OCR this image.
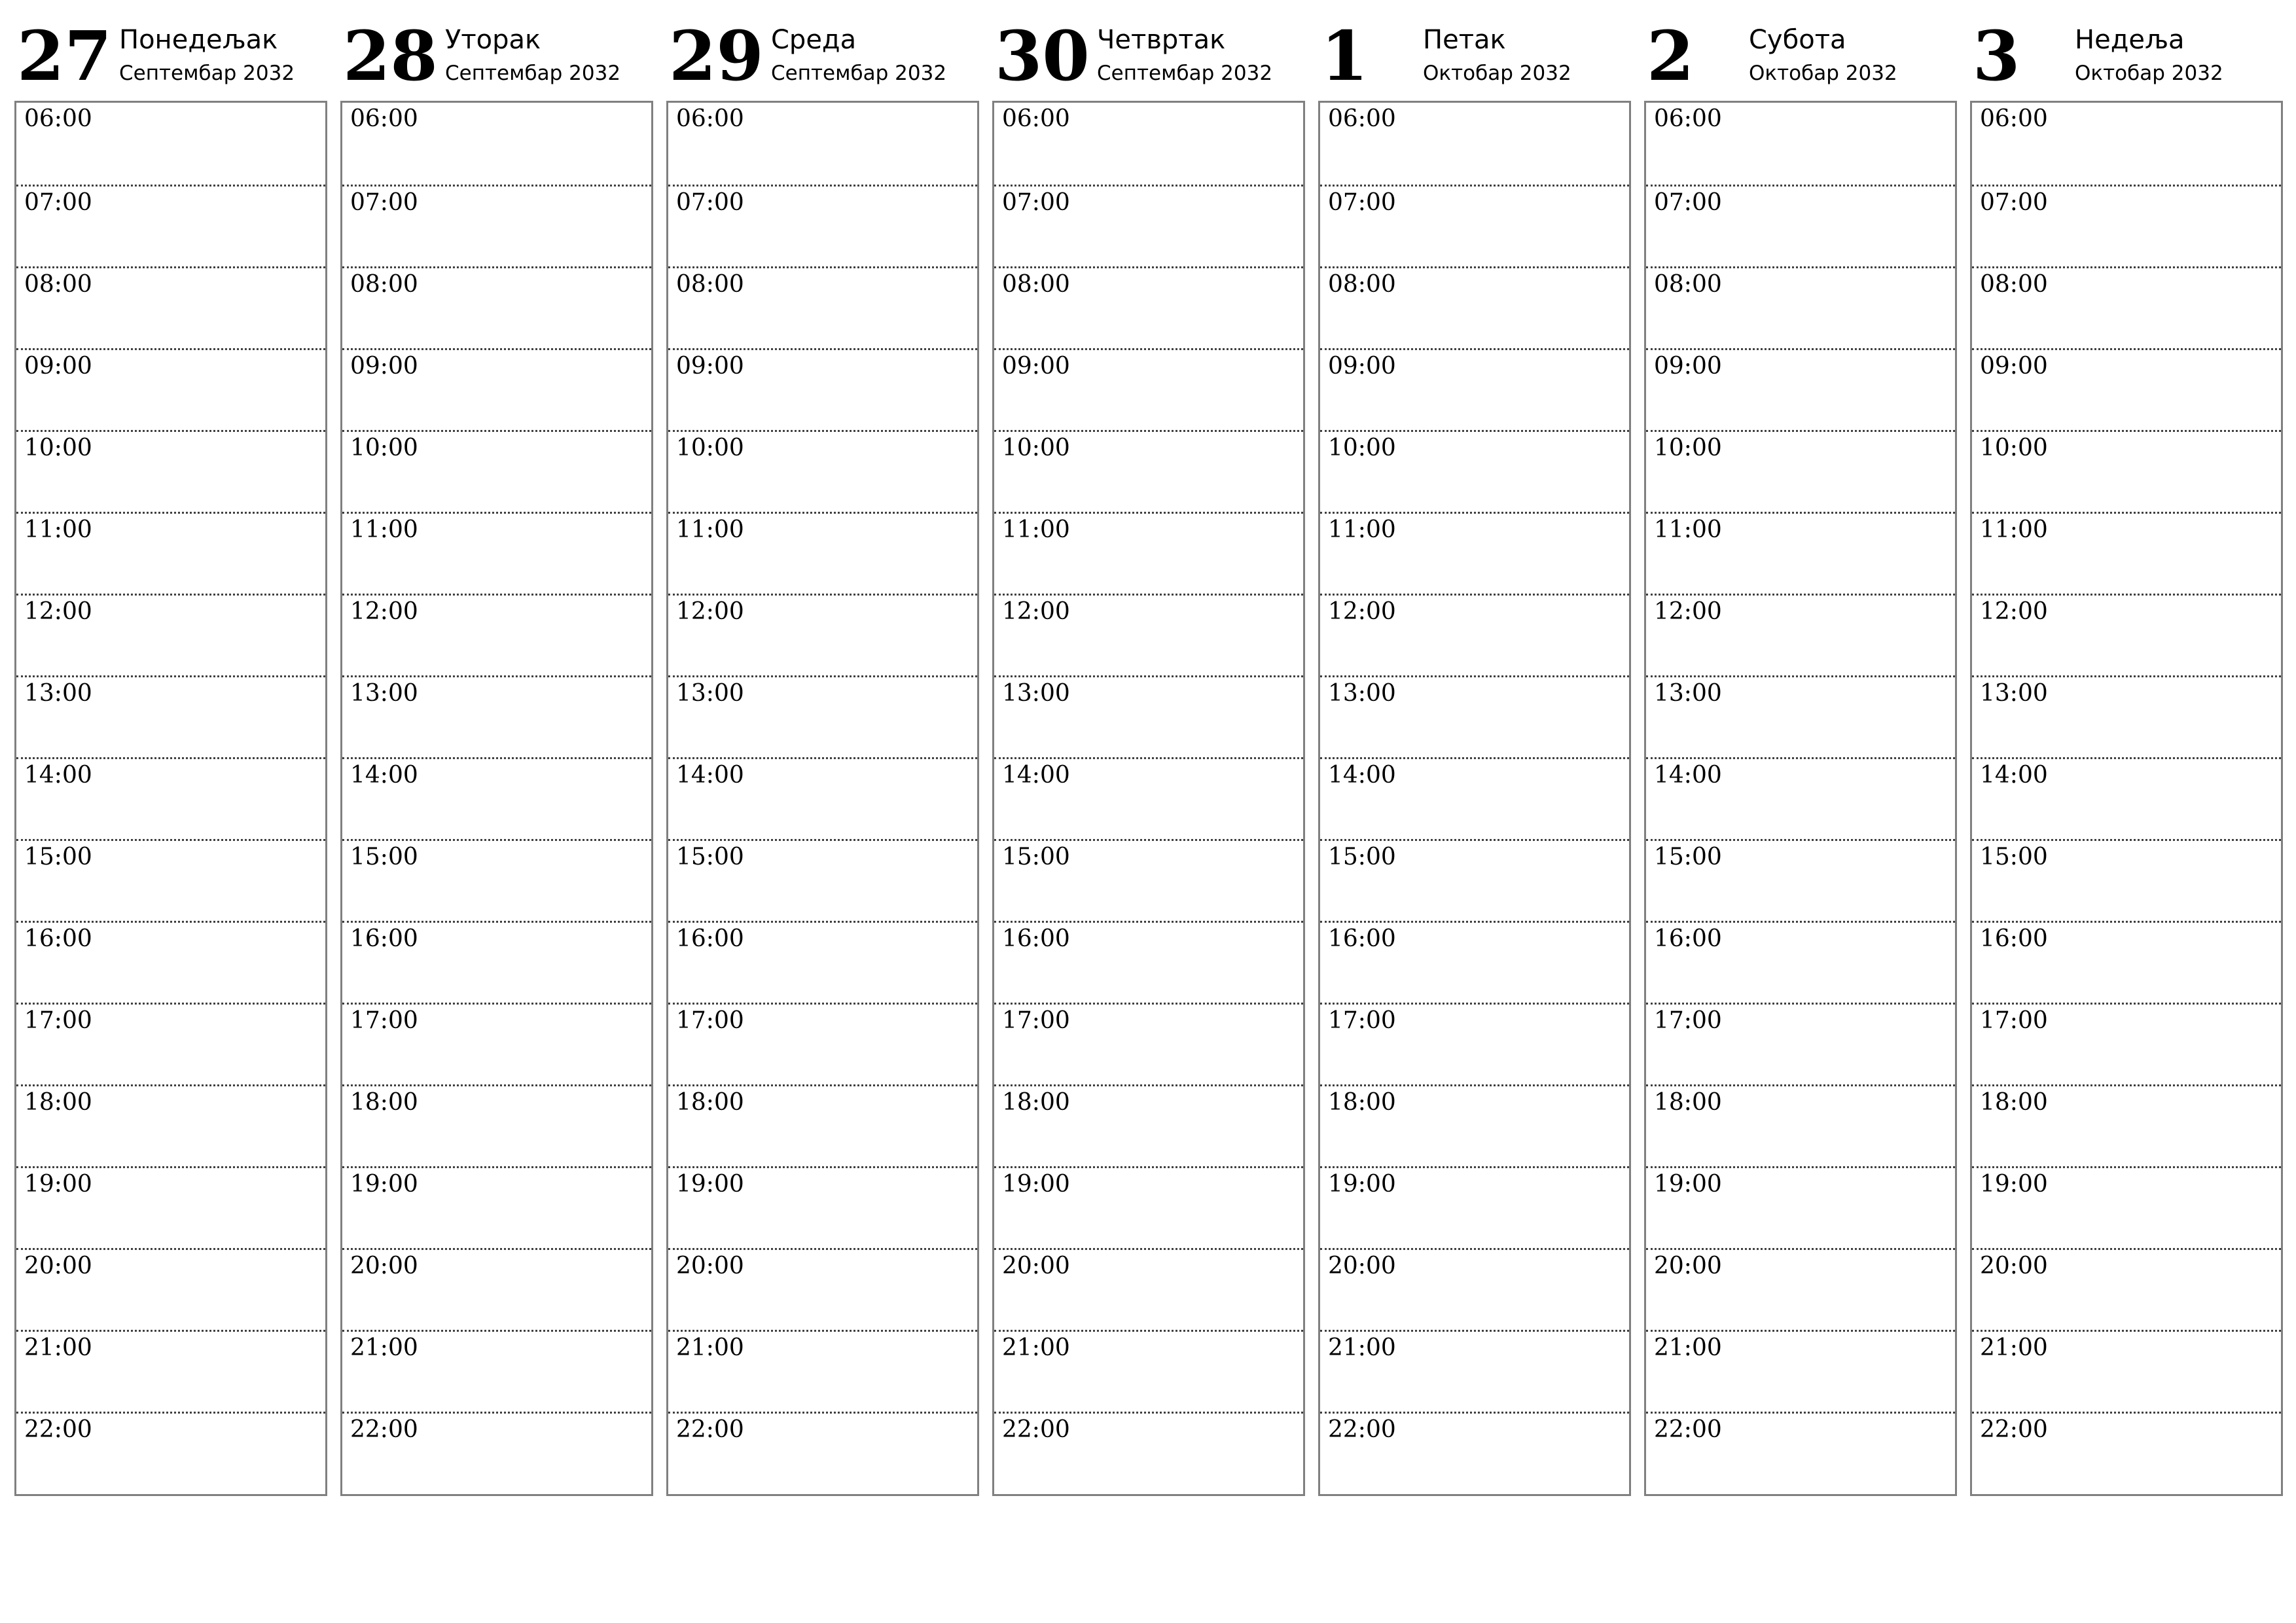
27 Понедељак
Септембар 2032
06:00
07:00
08:00
09:00
10:00
11:00
12:00
13:00
14:00
15:00
16:00
17:00
18:00
19:00
20:00
21:00
22:00
28 Уторак
Септембар 2032
06:00
07:00
08:00
09:00
10:00
11:00
12:00
13:00
14:00
15:00
16:00
17:00
18:00
19:00
20:00
21:00
22:00
29 Среда
Септембар 2032
06:00
07:00
08:00
09:00
10:00
11:00
12:00
13:00
14:00
15:00
16:00
17:00
18:00
19:00
20:00
21:00
22:00
30 Четвртак
Септембар 2032
06:00
07:00
08:00
09:00
10:00
11:00
12:00
13:00
14:00
15:00
16:00
17:00
18:00
19:00
20:00
21:00
22:00
1 Петак
Октобар 2032
06:00
07:00
08:00
09:00
10:00
11:00
12:00
13:00
14:00
15:00
16:00
17:00
18:00
19:00
20:00
21:00
22:00
2 Субота
Октобар 2032
06:00
07:00
08:00
09:00
10:00
11:00
12:00
13:00
14:00
15:00
16:00
17:00
18:00
19:00
20:00
21:00
22:00
3 Недеља
Октобар 2032
06:00
07:00
08:00
09:00
10:00
11:00
12:00
13:00
14:00
15:00
16:00
17:00
18:00
19:00
20:00
21:00
22:00
